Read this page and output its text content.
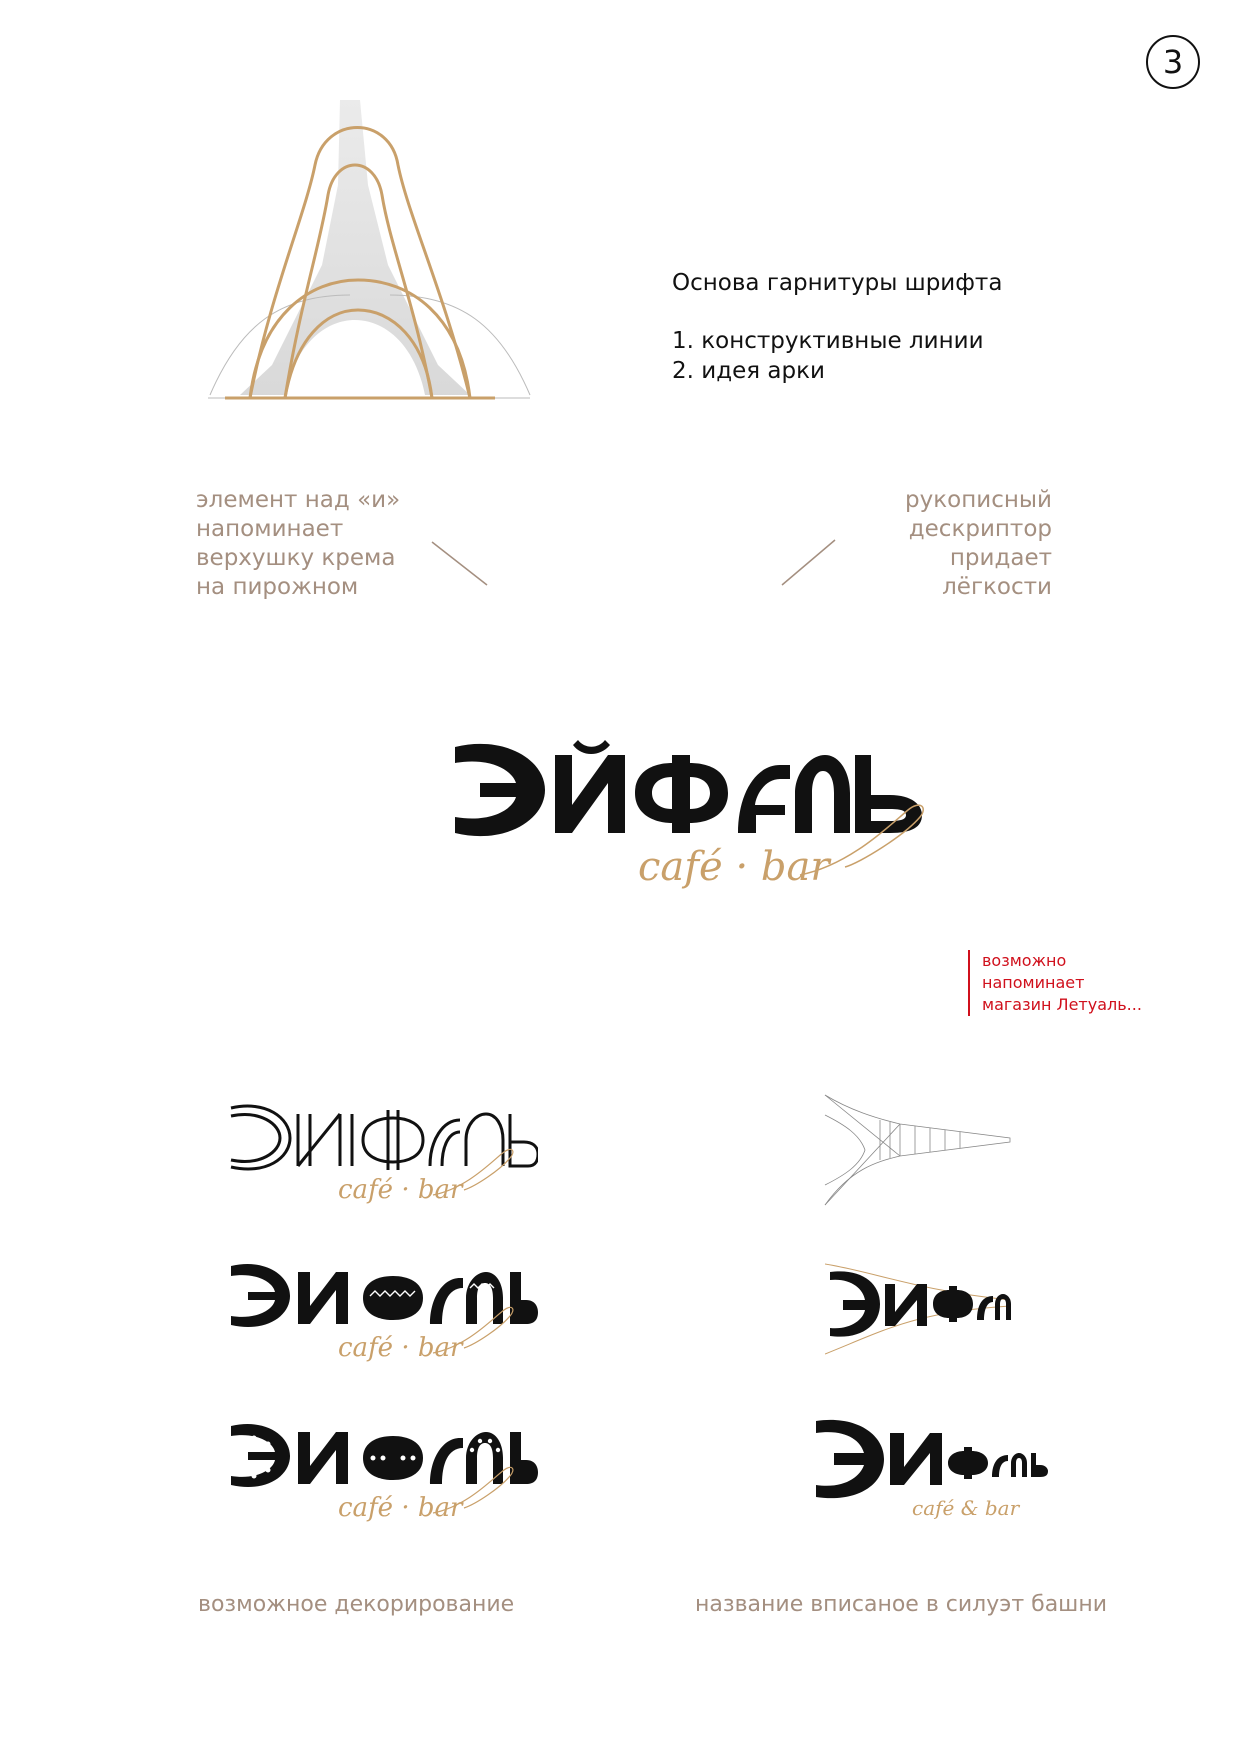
3
Основа гарнитуры шрифта
1. конструктивные линии
2. идея арки
элемент над «и»
напоминает
верхушку крема
на пирожном
рукописный
дескриптор
придает
лёгкости
café · bar
возможно
напоминает
магазин Летуаль...
café · bar
café · bar
café · bar	café & bar
возможное декорирование	название вписаное в силуэт башни
